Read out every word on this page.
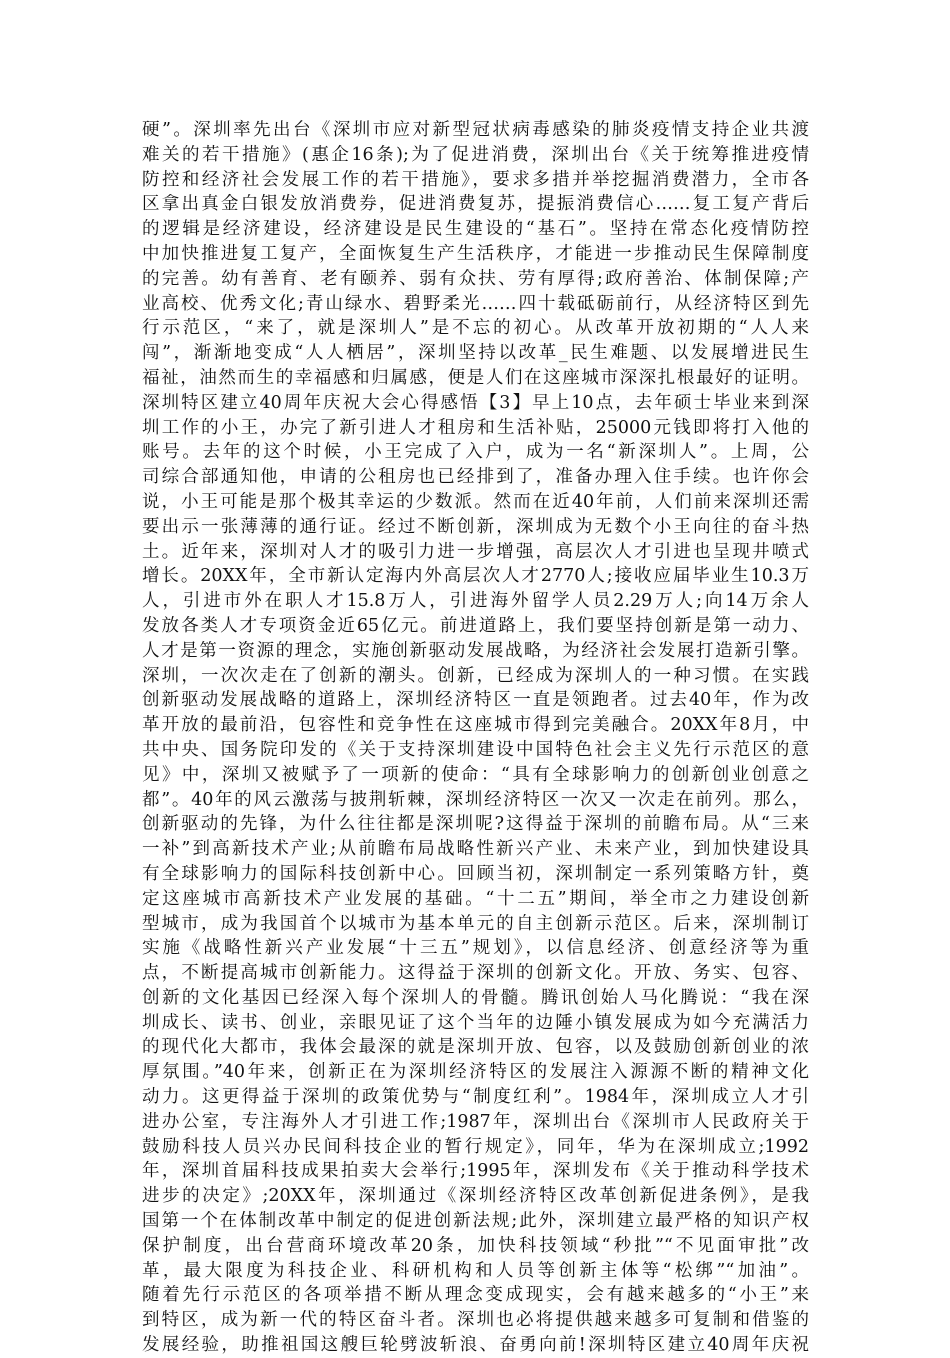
硬”。深圳率先出台《深圳市应对新型冠状病毒感染的肺炎疫情支持企业共渡
难关的若干措施》(惠企16条);为了促进消费，深圳出台《关于统筹推进疫情
防控和经济社会发展工作的若干措施》，要求多措并举挖掘消费潜力，全市各
区拿出真金白银发放消费券，促进消费复苏，提振消费信心……复工复产背后
的逻辑是经济建设，经济建设是民生建设的“基石”。坚持在常态化疫情防控
中加快推进复工复产，全面恢复生产生活秩序，才能进一步推动民生保障制度
的完善。幼有善育、老有颐养、弱有众扶、劳有厚得;政府善治、体制保障;产
业高校、优秀文化;青山绿水、碧野柔光……四十载砥砺前行，从经济特区到先
行示范区，“来了，就是深圳人”是不忘的初心。从改革开放初期的“人人来
闯”，渐渐地变成“人人栖居”，深圳坚持以改革_民生难题、以发展增进民生
福祉，油然而生的幸福感和归属感，便是人们在这座城市深深扎根最好的证明。
深圳特区建立40周年庆祝大会心得感悟【3】早上10点，去年硕士毕业来到深
圳工作的小王，办完了新引进人才租房和生活补贴，25000元钱即将打入他的
账号。去年的这个时候，小王完成了入户，成为一名“新深圳人”。上周，公
司综合部通知他，申请的公租房也已经排到了，准备办理入住手续。也许你会
说，小王可能是那个极其幸运的少数派。然而在近40年前，人们前来深圳还需
要出示一张薄薄的通行证。经过不断创新，深圳成为无数个小王向往的奋斗热
土。近年来，深圳对人才的吸引力进一步增强，高层次人才引进也呈现井喷式
增长。20XX年，全市新认定海内外高层次人才2770人;接收应届毕业生10.3万
人，引进市外在职人才15.8万人，引进海外留学人员2.29万人;向14万余人
发放各类人才专项资金近65亿元。前进道路上，我们要坚持创新是第一动力、
人才是第一资源的理念，实施创新驱动发展战略，为经济社会发展打造新引擎。
深圳，一次次走在了创新的潮头。创新，已经成为深圳人的一种习惯。在实践
创新驱动发展战略的道路上，深圳经济特区一直是领跑者。过去40年，作为改
革开放的最前沿，包容性和竞争性在这座城市得到完美融合。20XX年8月，中
共中央、国务院印发的《关于支持深圳建设中国特色社会主义先行示范区的意
见》中，深圳又被赋予了一项新的使命：“具有全球影响力的创新创业创意之
都”。40年的风云激荡与披荆斩棘，深圳经济特区一次又一次走在前列。那么，
创新驱动的先锋，为什么往往都是深圳呢?这得益于深圳的前瞻布局。从“三来
一补”到高新技术产业;从前瞻布局战略性新兴产业、未来产业，到加快建设具
有全球影响力的国际科技创新中心。回顾当初，深圳制定一系列策略方针，奠
定这座城市高新技术产业发展的基础。“十二五”期间，举全市之力建设创新
型城市，成为我国首个以城市为基本单元的自主创新示范区。后来，深圳制订
实施《战略性新兴产业发展“十三五”规划》，以信息经济、创意经济等为重
点，不断提高城市创新能力。这得益于深圳的创新文化。开放、务实、包容、
创新的文化基因已经深入每个深圳人的骨髓。腾讯创始人马化腾说：“我在深
圳成长、读书、创业，亲眼见证了这个当年的边陲小镇发展成为如今充满活力
的现代化大都市，我体会最深的就是深圳开放、包容，以及鼓励创新创业的浓
厚氛围。”40年来，创新正在为深圳经济特区的发展注入源源不断的精神文化
动力。这更得益于深圳的政策优势与“制度红利”。1984年，深圳成立人才引
进办公室，专注海外人才引进工作;1987年，深圳出台《深圳市人民政府关于
鼓励科技人员兴办民间科技企业的暂行规定》，同年，华为在深圳成立;1992
年，深圳首届科技成果拍卖大会举行;1995年，深圳发布《关于推动科学技术
进步的决定》;20XX年，深圳通过《深圳经济特区改革创新促进条例》，是我
国第一个在体制改革中制定的促进创新法规;此外，深圳建立最严格的知识产权
保护制度，出台营商环境改革20条，加快科技领域“秒批”“不见面审批”改
革，最大限度为科技企业、科研机构和人员等创新主体等“松绑”“加油”。
随着先行示范区的各项举措不断从理念变成现实，会有越来越多的“小王”来
到特区，成为新一代的特区奋斗者。深圳也必将提供越来越多可复制和借鉴的
发展经验，助推祖国这艘巨轮劈波斩浪、奋勇向前!深圳特区建立40周年庆祝
